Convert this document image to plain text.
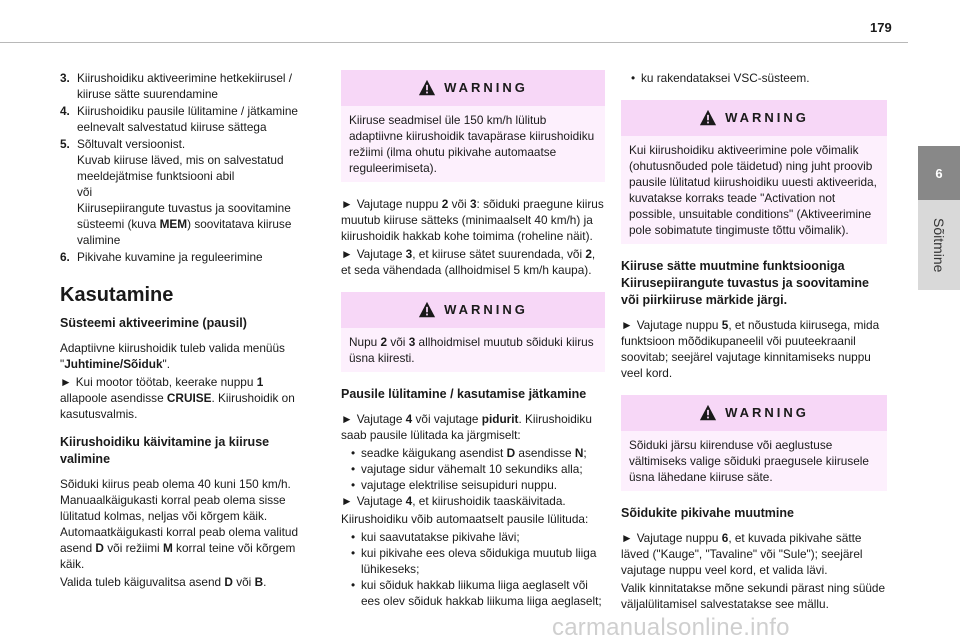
179
6
Sõitmine
3. Kiirushoidiku aktiveerimine hetkekiirusel / kiiruse sätte suurendamine
4. Kiirushoidiku pausile lülitamine / jätkamine eelnevalt salvestatud kiiruse sättega
5. Sõltuvalt versioonist.
Kuvab kiiruse läved, mis on salvestatud meeldejätmise funktsiooni abil
või
Kiirusepiirangute tuvastus ja soovitamine süsteemi (kuva MEM) soovitatava kiiruse valimine
6. Pikivahe kuvamine ja reguleerimine
Kasutamine
Süsteemi aktiveerimine (pausil)

Adaptiivne kiirushoidik tuleb valida menüüs "Juhtimine/Sõiduk".

► Kui mootor töötab, keerake nuppu 1 allapoole asendisse CRUISE. Kiirushoidik on kasutusvalmis.

Kiirushoidiku käivitamine ja kiiruse valimine

Sõiduki kiirus peab olema 40 kuni 150 km/h. Manuaalkäigukasti korral peab olema sisse lülitatud kolmas, neljas või kõrgem käik. Automaatkäigukasti korral peab olema valitud asend D või režiimi M korral teine või kõrgem käik.

Valida tuleb käiguvalitsa asend D või B.

WARNING
Kiiruse seadmisel üle 150 km/h lülitub adaptiivne kiirushoidik tavapärase kiirushoidiku režiimi (ilma ohutu pikivahe automaatse reguleerimiseta).

► Vajutage nuppu 2 või 3: sõiduki praegune kiirus muutub kiiruse sätteks (minimaalselt 40 km/h) ja kiirushoidik hakkab kohe toimima (roheline näit).

► Vajutage 3, et kiiruse sätet suurendada, või 2, et seda vähendada (allhoidmisel 5 km/h kaupa).

WARNING
Nupu 2 või 3 allhoidmisel muutub sõiduki kiirus üsna kiiresti.
Pausile lülitamine / kasutamise jätkamine

► Vajutage 4 või vajutage pidurit. Kiirushoidiku saab pausile lülitada ka järgmiselt:

• seadke käigukang asendist D asendisse N;
• vajutage sidur vähemalt 10 sekundiks alla;
• vajutage elektrilise seisupiduri nuppu.

► Vajutage 4, et kiirushoidik taaskäivitada.

Kiirushoidiku võib automaatselt pausile lülituda:

• kui saavutatakse pikivahe lävi;
• kui pikivahe ees oleva sõidukiga muutub liiga lühikeseks;
• kui sõiduk hakkab liikuma liiga aeglaselt või ees olev sõiduk hakkab liikuma liiga aeglaselt;
• ku rakendataksei VSC-süsteem.
WARNING
Kui kiirushoidiku aktiveerimine pole võimalik (ohutusnõuded pole täidetud) ning juht proovib pausile lülitatud kiirushoidiku uuesti aktiveerida, kuvatakse korraks teade "Activation not possible, unsuitable conditions" (Aktiveerimine pole sobimatute tingimuste tõttu võimalik).
Kiiruse sätte muutmine funktsiooniga Kiirusepiirangute tuvastus ja soovitamine või piirkiiruse märkide järgi.

► Vajutage nuppu 5, et nõustuda kiirusega, mida funktsioon mõõdikupaneelil või puuteekraanil soovitab; seejärel vajutage kinnitamiseks nuppu veel kord.

WARNING
Sõiduki järsu kiirenduse või aeglustuse vältimiseks valige sõiduki praegusele kiirusele üsna lähedane kiiruse säte.
Sõidukite pikivahe muutmine

► Vajutage nuppu 6, et kuvada pikivahe sätte läved ("Kauge", "Tavaline" või "Sule"); seejärel vajutage nuppu veel kord, et valida lävi.

Valik kinnitatakse mõne sekundi pärast ning süüde väljalülitamisel salvestatakse see mällu.

carmanualsonline.info
